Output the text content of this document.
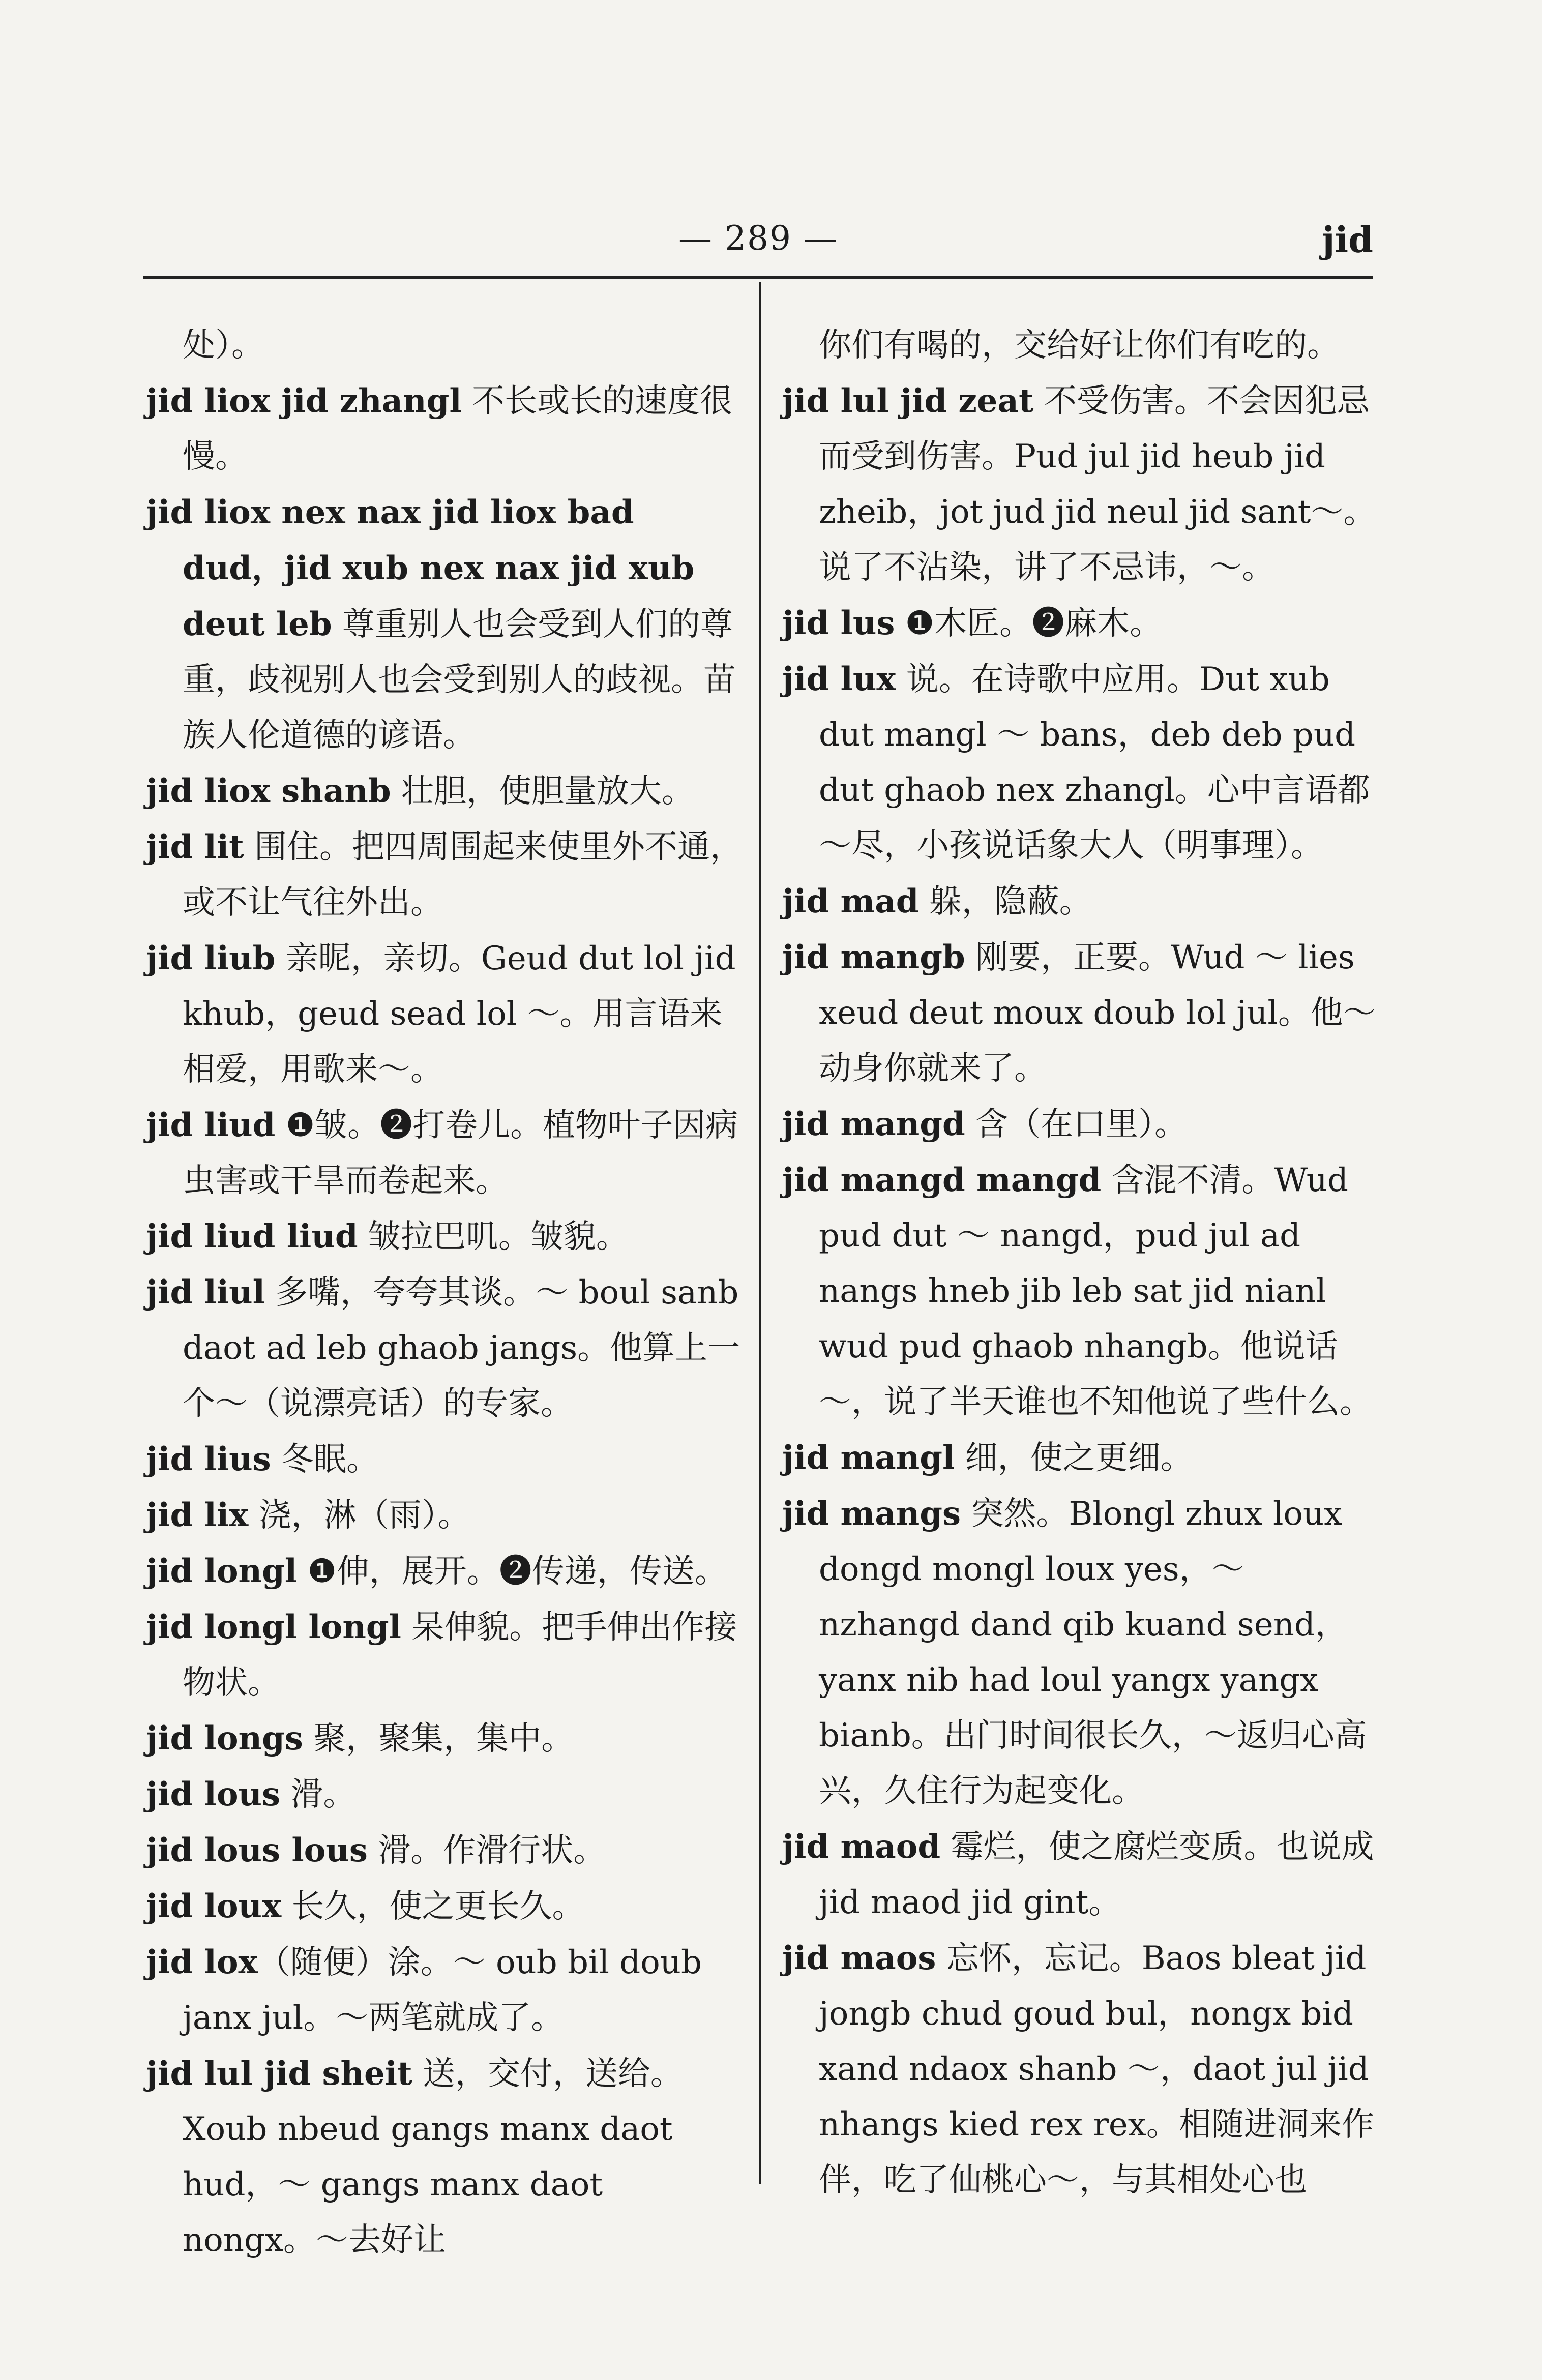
— 289 —	jid

处）。

jid liox jid zhangl 不长或长的速度很慢。

jid liox nex nax jid liox bad dud，jid xub nex nax jid xub deut leb 尊重别人也会受到人们的尊重，歧视别人也会受到别人的歧视。苗族人伦道德的谚语。

jid liox shanb 壮胆，使胆量放大。

jid lit 围住。把四周围起来使里外不通，或不让气往外出。

jid liub 亲昵，亲切。Geud dut lol jid khub，geud sead lol ～。用言语来相爱，用歌来～。

jid liud ❶皱。❷打卷儿。植物叶子因病虫害或干旱而卷起来。

jid liud liud 皱拉巴叽。皱貌。

jid liul 多嘴，夸夸其谈。～ boul sanb daot ad leb ghaob jangs。他算上一个～（说漂亮话）的专家。

jid lius 冬眠。

jid lix 浇，淋（雨）。

jid longl ❶伸，展开。❷传递，传送。

jid longl longl 呆伸貌。把手伸出作接物状。

jid longs 聚，聚集，集中。

jid lous 滑。

jid lous lous 滑。作滑行状。

jid loux 长久，使之更长久。

jid lox（随便）涂。～ oub bil doub janx jul。～两笔就成了。

jid lul jid sheit 送，交付，送给。Xoub nbeud gangs manx daot hud，～ gangs manx daot nongx。～去好让

你们有喝的，交给好让你们有吃的。

jid lul jid zeat 不受伤害。不会因犯忌而受到伤害。Pud jul jid heub jid zheib，jot jud jid neul jid sant～。说了不沾染，讲了不忌讳，～。

jid lus ❶木匠。❷麻木。

jid lux 说。在诗歌中应用。Dut xub dut mangl ～ bans，deb deb pud dut ghaob nex zhangl。心中言语都～尽，小孩说话象大人（明事理）。

jid mad 躲，隐蔽。

jid mangb 刚要，正要。Wud ～ lies xeud deut moux doub lol jul。他～动身你就来了。

jid mangd 含（在口里）。

jid mangd mangd 含混不清。Wud pud dut ～ nangd，pud jul ad nangs hneb jib leb sat jid nianl wud pud ghaob nhangb。他说话～，说了半天谁也不知他说了些什么。

jid mangl 细，使之更细。

jid mangs 突然。Blongl zhux loux dongd mongl loux yes，～nzhangd dand qib kuand send，yanx nib had loul yangx yangx bianb。出门时间很长久，～返归心高兴，久住行为起变化。

jid maod 霉烂，使之腐烂变质。也说成 jid maod jid gint。

jid maos 忘怀，忘记。Baos bleat jid jongb chud goud bul，nongx bid xand ndaox shanb ～，daot jul jid nhangs kied rex rex。相随进洞来作伴，吃了仙桃心～，与其相处心也
